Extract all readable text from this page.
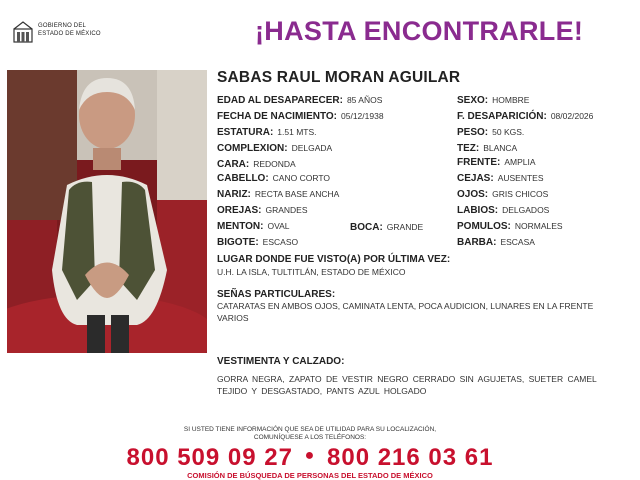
GOBIERNO DEL
ESTADO DE MÉXICO	¡HASTA ENCONTRARLE!
SABAS RAUL MORAN AGUILAR
EDAD AL DESAPARECER: 85 AÑOS
FECHA DE NACIMIENTO: 05/12/1938
ESTATURA: 1.51 MTS.
COMPLEXION: DELGADA
CARA: REDONDA
CABELLO: CANO CORTO
NARIZ: RECTA BASE ANCHA
OREJAS: GRANDES
MENTON: OVAL
BIGOTE: ESCASO
BOCA: GRANDE
SEXO: HOMBRE
F. DESAPARICIÓN: 08/02/2026
PESO: 50 KGS.
TEZ: BLANCA
FRENTE: AMPLIA
CEJAS: AUSENTES
OJOS: GRIS CHICOS
LABIOS: DELGADOS
POMULOS: NORMALES
BARBA: ESCASA
LUGAR DONDE FUE VISTO(A) POR ÚLTIMA VEZ:
U.H. LA ISLA, TULTITLÁN, ESTADO DE MÉXICO
SEÑAS PARTICULARES:
CATARATAS EN AMBOS OJOS, CAMINATA LENTA, POCA AUDICION, LUNARES EN LA FRENTE VARIOS
VESTIMENTA Y CALZADO:
GORRA NEGRA, ZAPATO DE VESTIR NEGRO CERRADO SIN AGUJETAS, SUETER CAMEL TEJIDO Y DESGASTADO, PANTS AZUL HOLGADO
SI USTED TIENE INFORMACIÓN QUE SEA DE UTILIDAD PARA SU LOCALIZACIÓN,
COMUNÍQUESE A LOS TELÉFONOS:
800 509 09 27 ● 800 216 03 61
COMISIÓN DE BÚSQUEDA DE PERSONAS DEL ESTADO DE MÉXICO
